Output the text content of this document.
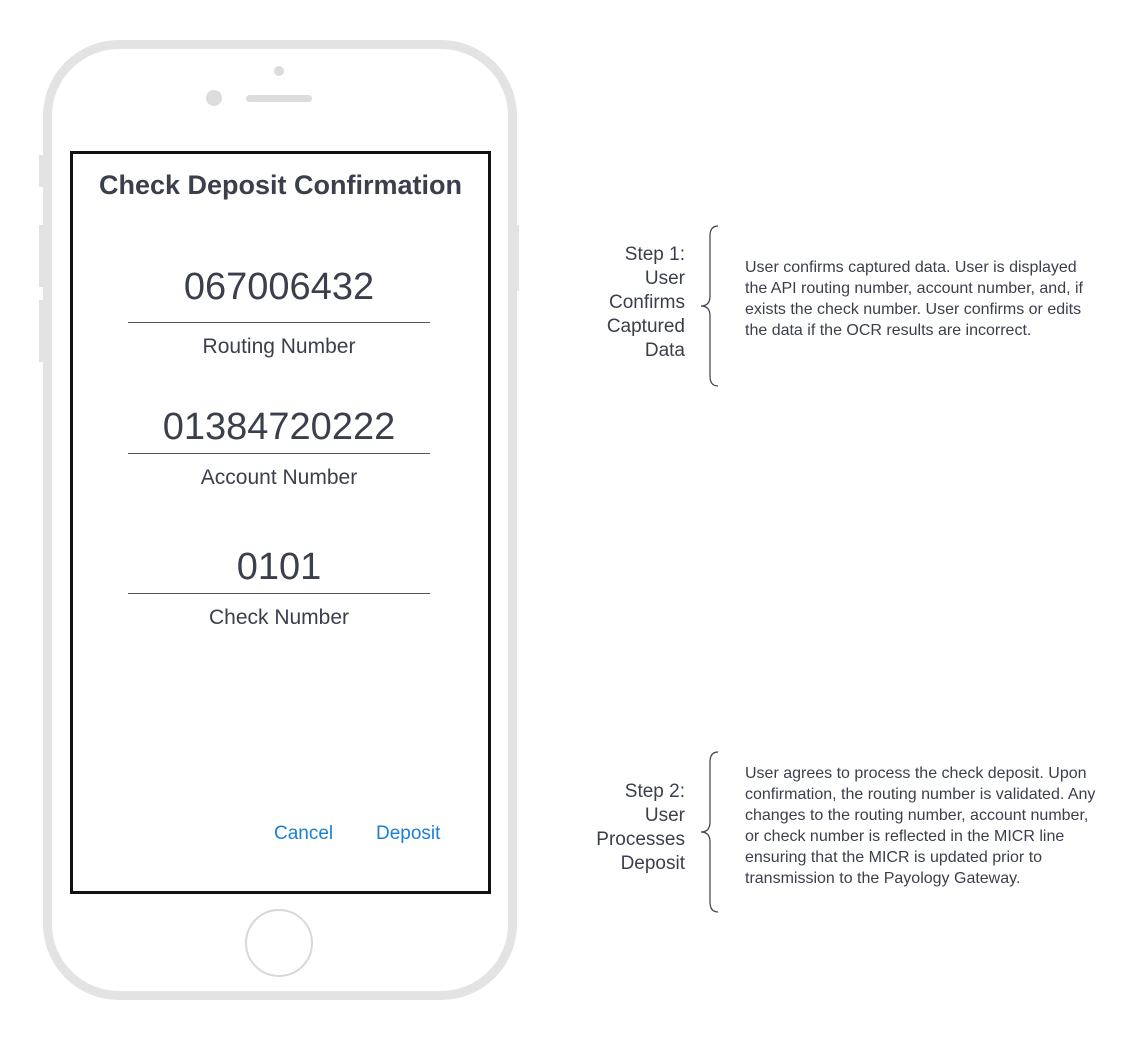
Check Deposit Confirmation
067006432
Routing Number
01384720222
Account Number
0101
Check Number
Cancel Deposit
Step 1:
User
Confirms
Captured
Data
User confirms captured data. User is displayed the API routing number, account number, and, if exists the check number. User confirms or edits the data if the OCR results are incorrect.
Step 2:
User
Processes
Deposit
User agrees to process the check deposit. Upon confirmation, the routing number is validated. Any changes to the routing number, account number, or check number is reflected in the MICR line ensuring that the MICR is updated prior to transmission to the Payology Gateway.
